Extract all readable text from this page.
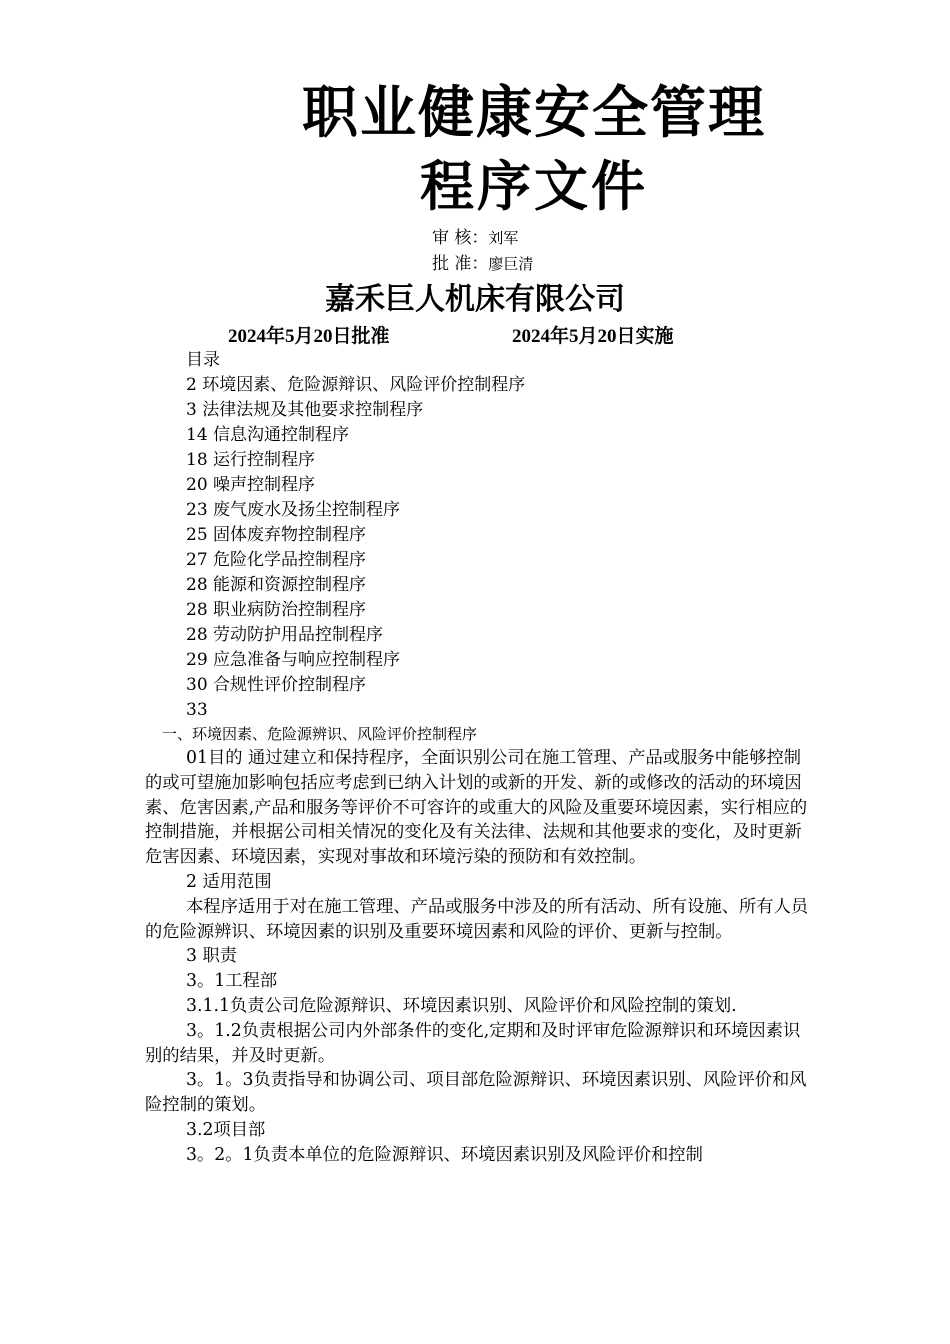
职业健康安全管理
程序文件
审 核：刘军
批 准：廖巨清
嘉禾巨人机床有限公司
2024年5月20日批准	2024年5月20日实施
目录
2 环境因素、危险源辩识、风险评价控制程序
3 法律法规及其他要求控制程序
14 信息沟通控制程序
18 运行控制程序
20 噪声控制程序
23 废气废水及扬尘控制程序
25 固体废弃物控制程序
27 危险化学品控制程序
28 能源和资源控制程序
28 职业病防治控制程序
28 劳动防护用品控制程序
29 应急准备与响应控制程序
30 合规性评价控制程序
33
一、环境因素、危险源辨识、风险评价控制程序

01目的 通过建立和保持程序，全面识别公司在施工管理、产品或服务中能够控制的或可望施加影响包括应考虑到已纳入计划的或新的开发、新的或修改的活动的环境因素、危害因素,产品和服务等评价不可容许的或重大的风险及重要环境因素，实行相应的控制措施，并根据公司相关情况的变化及有关法律、法规和其他要求的变化，及时更新危害因素、环境因素，实现对事故和环境污染的预防和有效控制。

2 适用范围

本程序适用于对在施工管理、产品或服务中涉及的所有活动、所有设施、所有人员的危险源辨识、环境因素的识别及重要环境因素和风险的评价、更新与控制。

3 职责

3。1工程部

3.1.1负责公司危险源辩识、环境因素识别、风险评价和风险控制的策划.

3。1.2负责根据公司内外部条件的变化,定期和及时评审危险源辩识和环境因素识别的结果，并及时更新。

3。1。3负责指导和协调公司、项目部危险源辩识、环境因素识别、风险评价和风险控制的策划。

3.2项目部

3。2。1负责本单位的危险源辩识、环境因素识别及风险评价和控制
